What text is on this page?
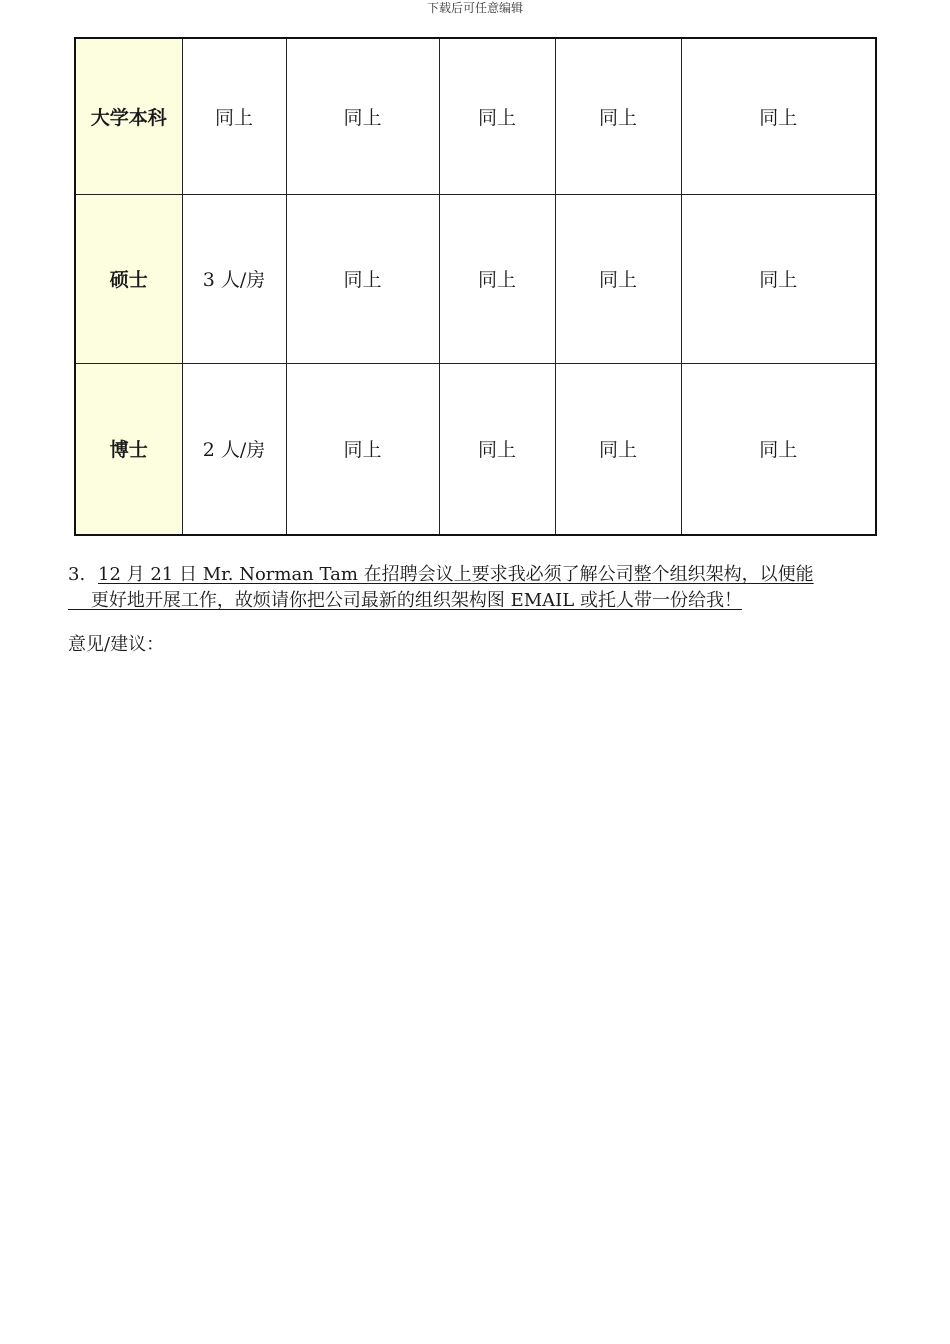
下载后可任意编辑
大学本科	同上	同上	同上	同上	同上
硕士	3 人/房	同上	同上	同上	同上
博士	2 人/房	同上	同上	同上	同上
3. 12 月 21 日 Mr. Norman Tam 在招聘会议上要求我必须了解公司整个组织架构，以便能
更好地开展工作，故烦请你把公司最新的组织架构图 EMAIL 或托人带一份给我！
意见/建议：
